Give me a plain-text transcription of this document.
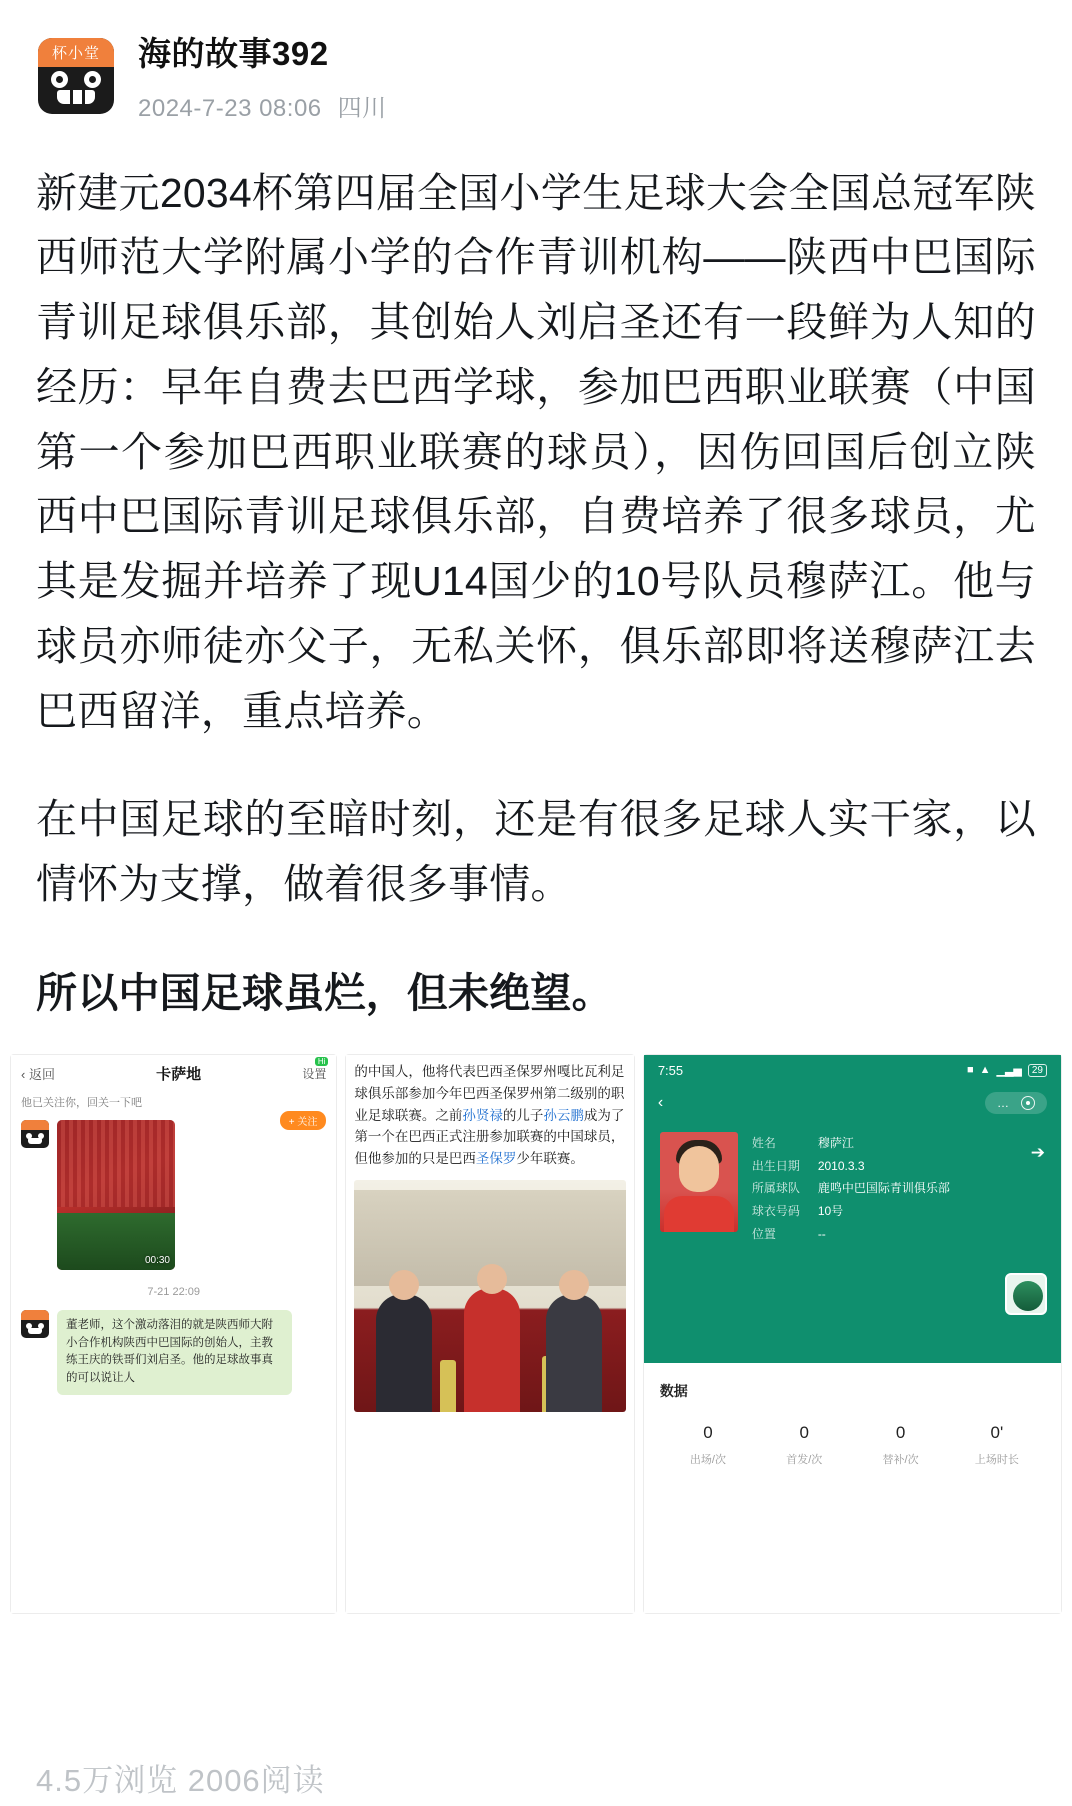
杯小堂 海的故事392
2024-7-23 08:06 四川
新建元2034杯第四届全国小学生足球大会全国总冠军陕西师范大学附属小学的合作青训机构——陕西中巴国际青训足球俱乐部，其创始人刘启圣还有一段鲜为人知的经历：早年自费去巴西学球，参加巴西职业联赛（中国第一个参加巴西职业联赛的球员），因伤回国后创立陕西中巴国际青训足球俱乐部，自费培养了很多球员，尤其是发掘并培养了现U14国少的10号队员穆萨江。他与球员亦师徒亦父子，无私关怀，俱乐部即将送穆萨江去巴西留洋，重点培养。
在中国足球的至暗时刻，还是有很多足球人实干家，以情怀为支撑，做着很多事情。
所以中国足球虽烂，但未绝望。
‹ 返回	卡萨地	设置
他已关注你，回关一下吧
+ 关注
00:30
7-21 22:09
董老师，这个激动落泪的就是陕西师大附小合作机构陕西中巴国际的创始人，主教练王庆的铁哥们刘启圣。他的足球故事真的可以说让人
Hi
的中国人，他将代表巴西圣保罗州嘎比瓦利足球俱乐部参加今年巴西圣保罗州第二级别的职业足球联赛。之前孙贤禄的儿子孙云鹏成为了第一个在巴西正式注册参加联赛的中国球员，但他参加的只是巴西圣保罗少年联赛。
7:55	■ ▲ ▁▃▅	29
‹	…
➔
姓名	穆萨江
出生日期	2010.3.3
所属球队	鹿鸣中巴国际青训俱乐部
球衣号码	10号
位置	--
数据
0
出场/次
0
首发/次
0
替补/次
0'
上场时长
4.5万浏览 2006阅读
